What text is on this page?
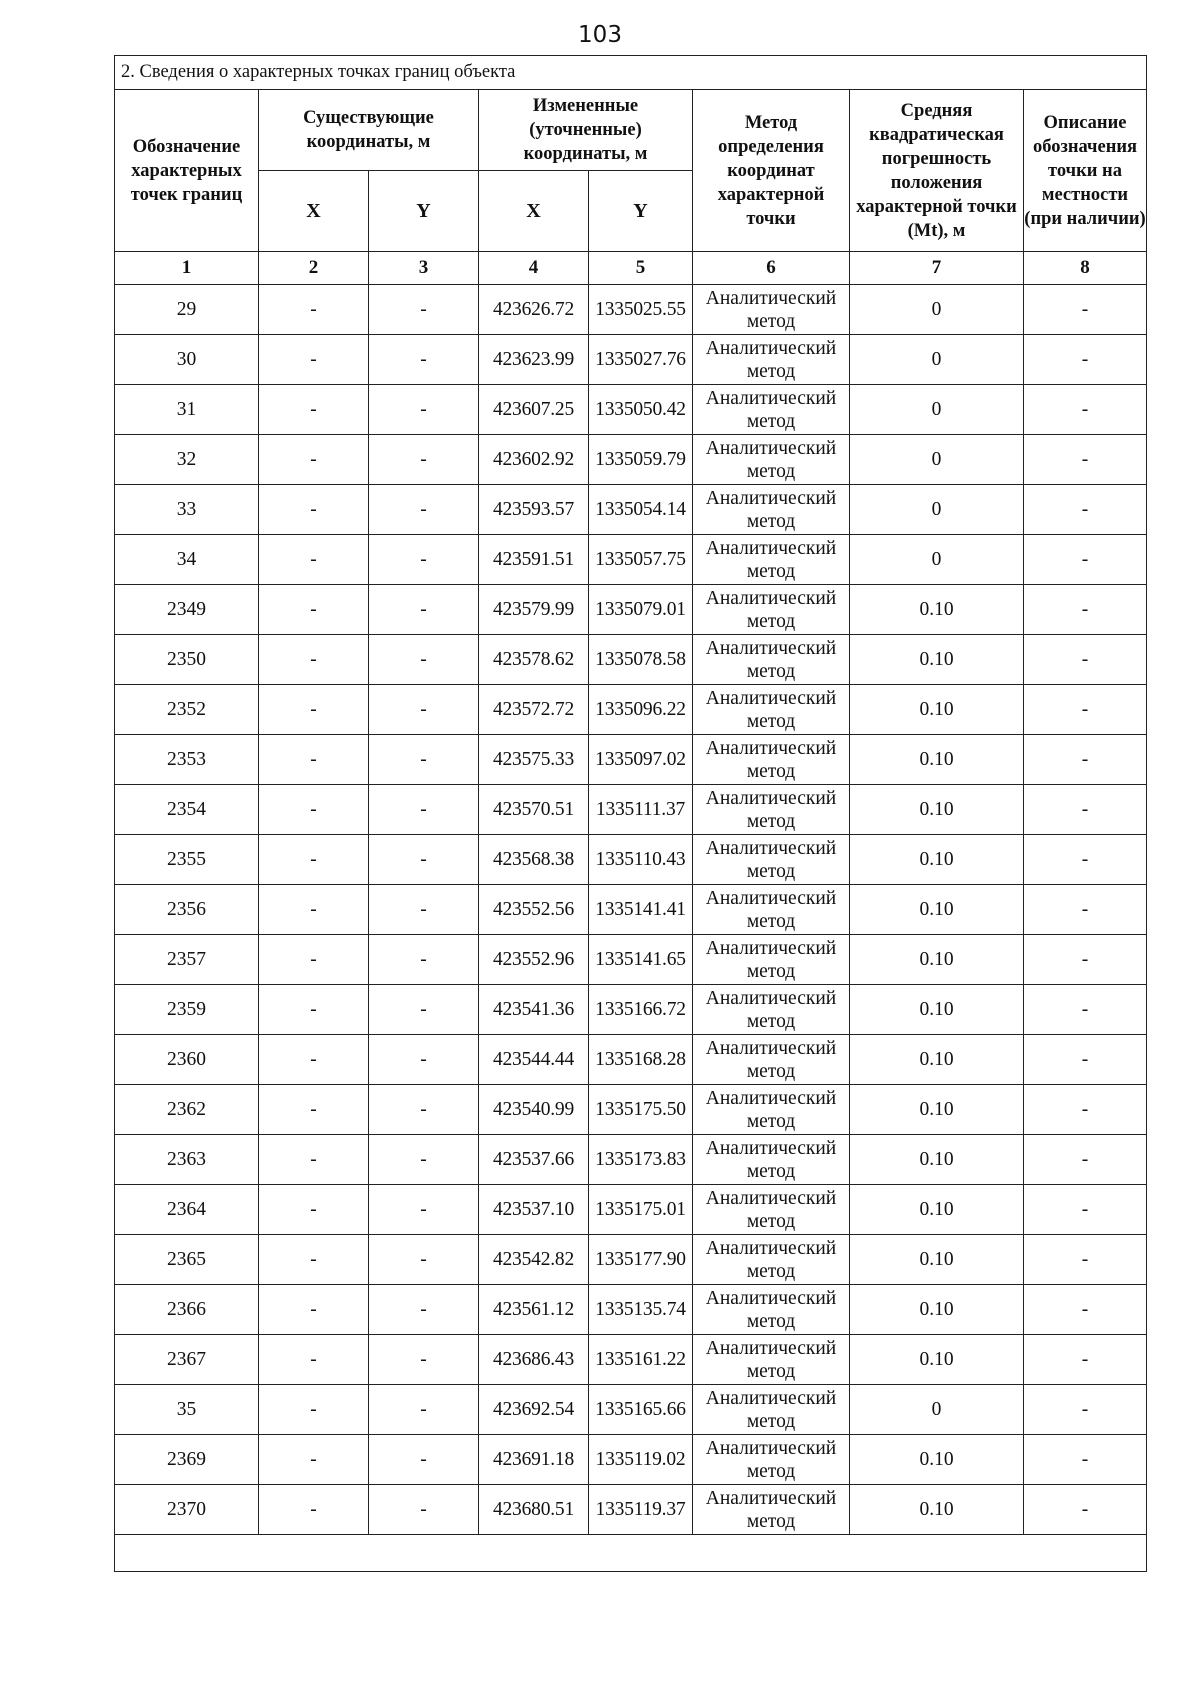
103
2. Сведения о характерных точках границ объекта							
Обозначение характерных точек границ	Существующие координаты, м		Измененные (уточненные) координаты, м		Метод определения координат характерной точки	Средняя квадратическая погрешность положения характерной точки (Mt), м	Описание обозначения точки на местности (при наличии)
	X	Y	X	Y			
1	2	3	4	5	6	7	8
29	-	-	423626.72	1335025.55	Аналитический метод	0	-
30	-	-	423623.99	1335027.76	Аналитический метод	0	-
31	-	-	423607.25	1335050.42	Аналитический метод	0	-
32	-	-	423602.92	1335059.79	Аналитический метод	0	-
33	-	-	423593.57	1335054.14	Аналитический метод	0	-
34	-	-	423591.51	1335057.75	Аналитический метод	0	-
2349	-	-	423579.99	1335079.01	Аналитический метод	0.10	-
2350	-	-	423578.62	1335078.58	Аналитический метод	0.10	-
2352	-	-	423572.72	1335096.22	Аналитический метод	0.10	-
2353	-	-	423575.33	1335097.02	Аналитический метод	0.10	-
2354	-	-	423570.51	1335111.37	Аналитический метод	0.10	-
2355	-	-	423568.38	1335110.43	Аналитический метод	0.10	-
2356	-	-	423552.56	1335141.41	Аналитический метод	0.10	-
2357	-	-	423552.96	1335141.65	Аналитический метод	0.10	-
2359	-	-	423541.36	1335166.72	Аналитический метод	0.10	-
2360	-	-	423544.44	1335168.28	Аналитический метод	0.10	-
2362	-	-	423540.99	1335175.50	Аналитический метод	0.10	-
2363	-	-	423537.66	1335173.83	Аналитический метод	0.10	-
2364	-	-	423537.10	1335175.01	Аналитический метод	0.10	-
2365	-	-	423542.82	1335177.90	Аналитический метод	0.10	-
2366	-	-	423561.12	1335135.74	Аналитический метод	0.10	-
2367	-	-	423686.43	1335161.22	Аналитический метод	0.10	-
35	-	-	423692.54	1335165.66	Аналитический метод	0	-
2369	-	-	423691.18	1335119.02	Аналитический метод	0.10	-
2370	-	-	423680.51	1335119.37	Аналитический метод	0.10	-
